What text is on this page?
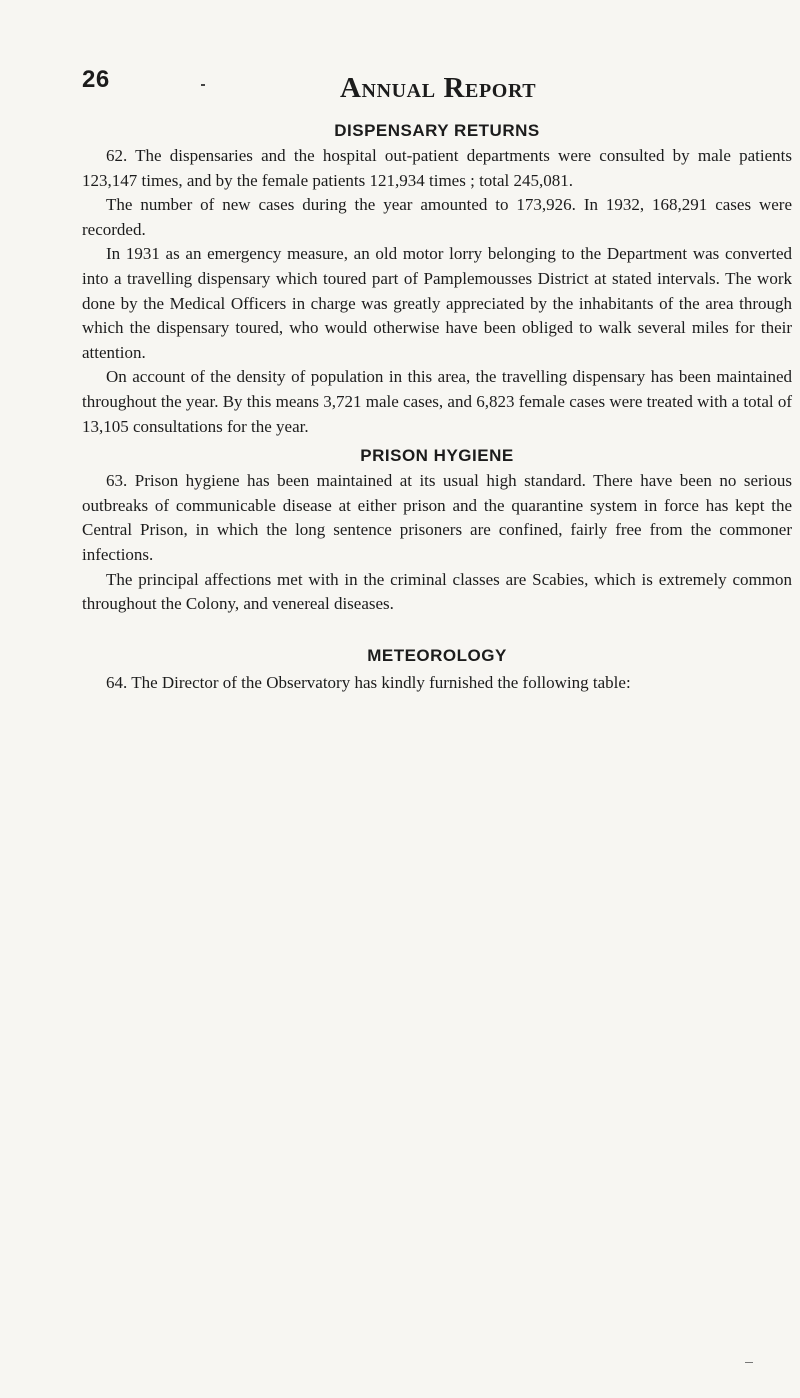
26	Annual Report
DISPENSARY RETURNS

62. The dispensaries and the hospital out-patient departments were consulted by male patients 123,147 times, and by the female patients 121,934 times ; total 245,081.

The number of new cases during the year amounted to 173,926. In 1932, 168,291 cases were recorded.

In 1931 as an emergency measure, an old motor lorry belonging to the Department was converted into a travelling dispensary which toured part of Pamplemousses District at stated intervals. The work done by the Medical Officers in charge was greatly appreciated by the inhabitants of the area through which the dispensary toured, who would otherwise have been obliged to walk several miles for their attention.

On account of the density of population in this area, the travelling dispensary has been maintained throughout the year. By this means 3,721 male cases, and 6,823 female cases were treated with a total of 13,105 consultations for the year.

PRISON HYGIENE

63. Prison hygiene has been maintained at its usual high standard. There have been no serious outbreaks of communicable disease at either prison and the quarantine system in force has kept the Central Prison, in which the long sentence prisoners are confined, fairly free from the commoner infections.

The principal affections met with in the criminal classes are Scabies, which is extremely common throughout the Colony, and venereal diseases.

METEOROLOGY

64. The Director of the Observatory has kindly furnished the following table:
